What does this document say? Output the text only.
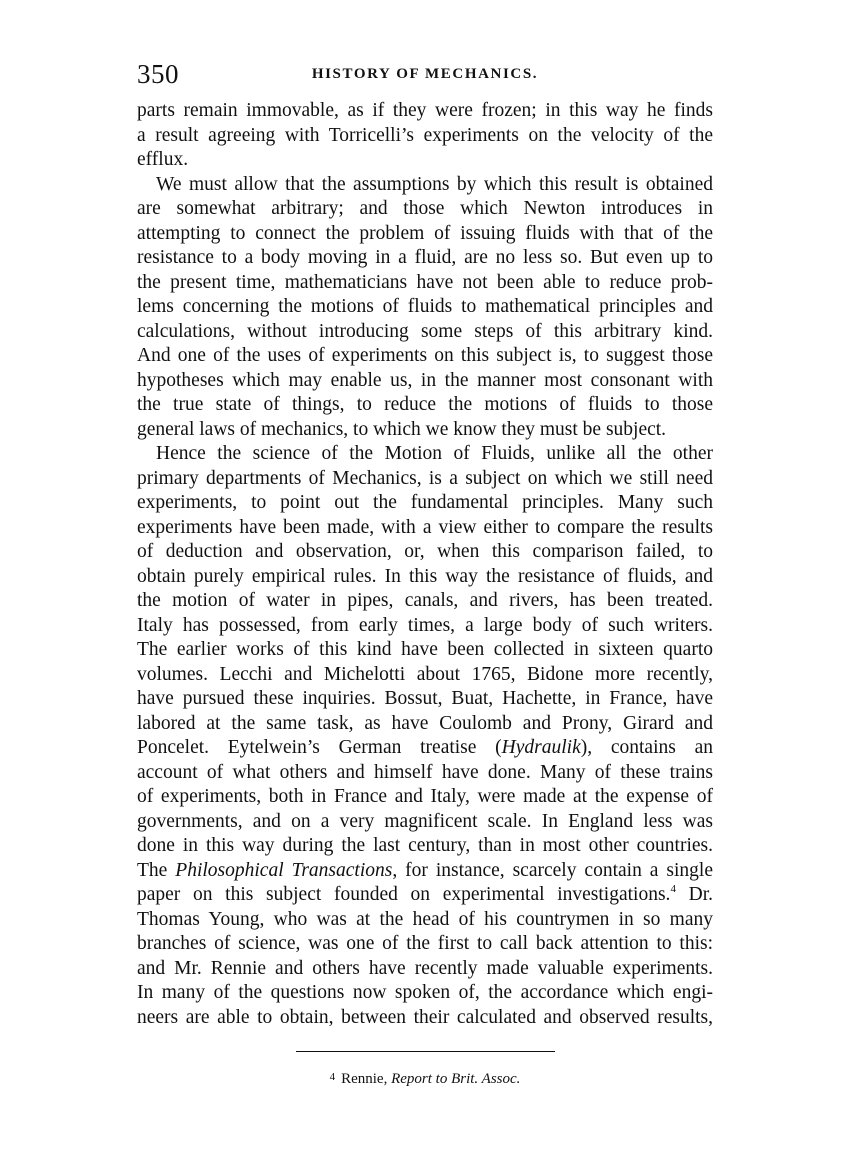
350	HISTORY OF MECHANICS.
parts remain immovable, as if they were frozen; in this way he finds
a result agreeing with Torricelli’s experiments on the velocity of the
efflux.
We must allow that the assumptions by which this result is obtained
are somewhat arbitrary; and those which Newton introduces in
attempting to connect the problem of issuing fluids with that of the
resistance to a body moving in a fluid, are no less so. But even up to
the present time, mathematicians have not been able to reduce prob-
lems concerning the motions of fluids to mathematical principles and
calculations, without introducing some steps of this arbitrary kind.
And one of the uses of experiments on this subject is, to suggest those
hypotheses which may enable us, in the manner most consonant with
the true state of things, to reduce the motions of fluids to those
general laws of mechanics, to which we know they must be subject.
Hence the science of the Motion of Fluids, unlike all the other
primary departments of Mechanics, is a subject on which we still need
experiments, to point out the fundamental principles. Many such
experiments have been made, with a view either to compare the results
of deduction and observation, or, when this comparison failed, to
obtain purely empirical rules. In this way the resistance of fluids, and
the motion of water in pipes, canals, and rivers, has been treated.
Italy has possessed, from early times, a large body of such writers.
The earlier works of this kind have been collected in sixteen quarto
volumes. Lecchi and Michelotti about 1765, Bidone more recently,
have pursued these inquiries. Bossut, Buat, Hachette, in France, have
labored at the same task, as have Coulomb and Prony, Girard and
Poncelet. Eytelwein’s German treatise (Hydraulik), contains an
account of what others and himself have done. Many of these trains
of experiments, both in France and Italy, were made at the expense of
governments, and on a very magnificent scale. In England less was
done in this way during the last century, than in most other countries.
The Philosophical Transactions, for instance, scarcely contain a single
paper on this subject founded on experimental investigations.$^4$ Dr.
Thomas Young, who was at the head of his countrymen in so many
branches of science, was one of the first to call back attention to this:
and Mr. Rennie and others have recently made valuable experiments.
In many of the questions now spoken of, the accordance which engi-
neers are able to obtain, between their calculated and observed results,
$^4$ Rennie, Report to Brit. Assoc.
